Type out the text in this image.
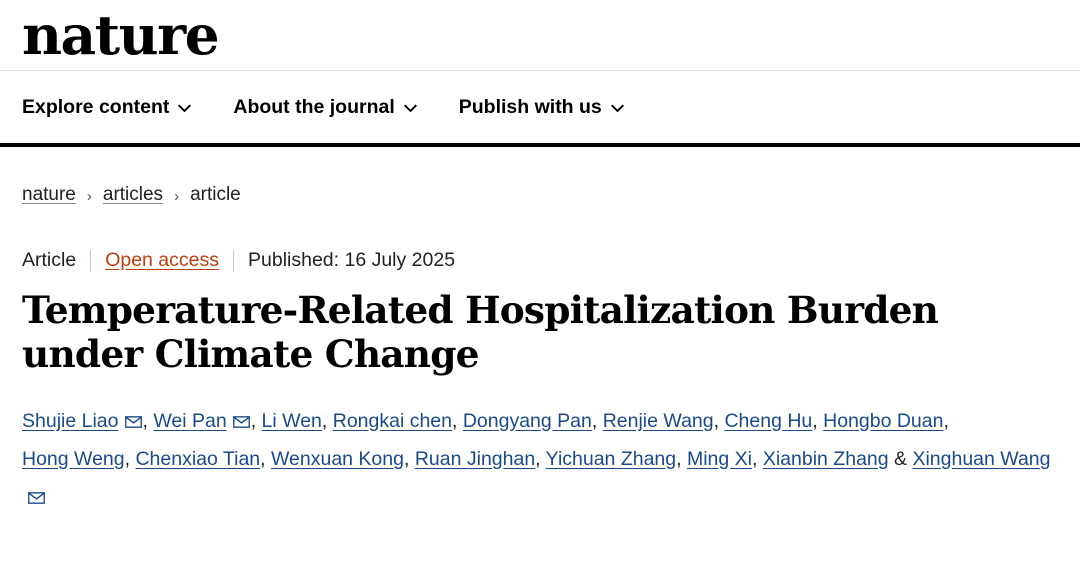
nature
Explore content	About the journal	Publish with us
nature › articles › article
Article Open access Published: 16 July 2025
Temperature-Related Hospitalization Burden under Climate Change
Shujie Liao , Wei Pan , Li Wen, Rongkai chen, Dongyang Pan, Renjie Wang, Cheng Hu, Hongbo Duan, Hong Weng, Chenxiao Tian, Wenxuan Kong, Ruan Jinghan, Yichuan Zhang, Ming Xi, Xianbin Zhang & Xinghuan Wang
